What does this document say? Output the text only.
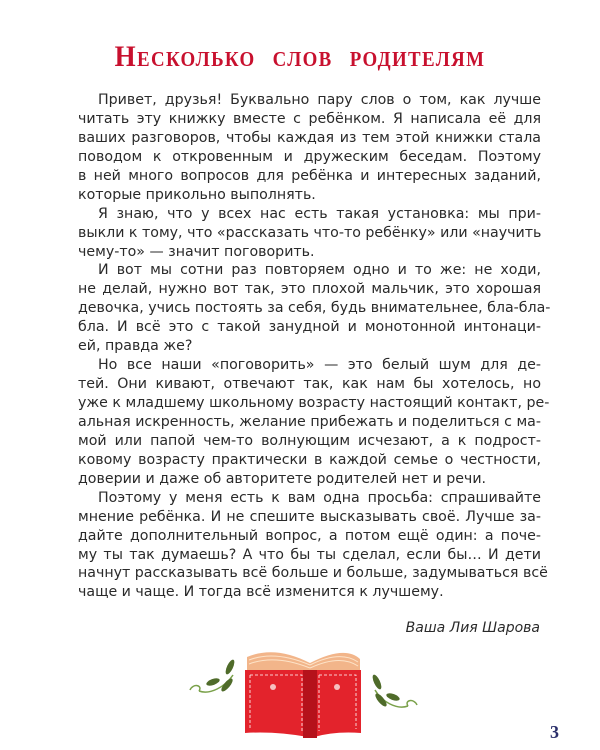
Несколько слов родителям
Привет, друзья! Буквально пару слов о том, как лучше
читать эту книжку вместе с ребёнком. Я написала её для
ваших разговоров, чтобы каждая из тем этой книжки стала
поводом к откровенным и дружеским беседам. Поэтому
в ней много вопросов для ребёнка и интересных заданий,
которые прикольно выполнять.
Я знаю, что у всех нас есть такая установка: мы при-
выкли к тому, что «рассказать что-то ребёнку» или «научить
чему-то» — значит поговорить.
И вот мы сотни раз повторяем одно и то же: не ходи,
не делай, нужно вот так, это плохой мальчик, это хорошая
девочка, учись постоять за себя, будь внимательнее, бла-бла-
бла. И всё это с такой занудной и монотонной интонаци-
ей, правда же?
Но все наши «поговорить» — это белый шум для де-
тей. Они кивают, отвечают так, как нам бы хотелось, но
уже к младшему школьному возрасту настоящий контакт, ре-
альная искренность, желание прибежать и поделиться с ма-
мой или папой чем-то волнующим исчезают, а к подрост-
ковому возрасту практически в каждой семье о честности,
доверии и даже об авторитете родителей нет и речи.
Поэтому у меня есть к вам одна просьба: спрашивайте
мнение ребёнка. И не спешите высказывать своё. Лучше за-
дайте дополнительный вопрос, а потом ещё один: а поче-
му ты так думаешь? А что бы ты сделал, если бы… И дети
начнут рассказывать всё больше и больше, задумываться всё
чаще и чаще. И тогда всё изменится к лучшему.
Ваша Лия Шарова
3
